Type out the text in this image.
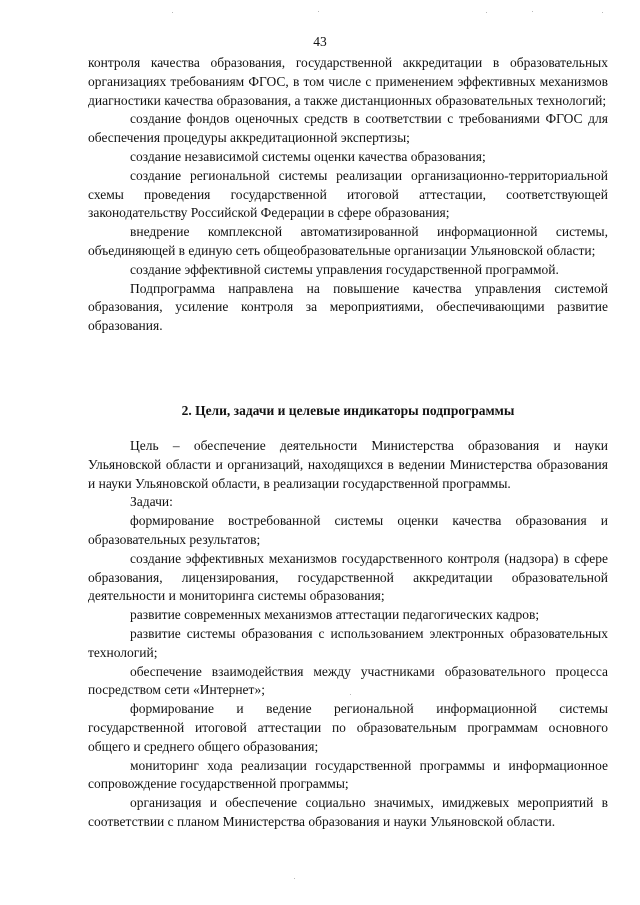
43

контроля качества образования, государственной аккредитации в образовательных организациях требованиям ФГОС, в том числе с применением эффективных механизмов диагностики качества образования, а также дистанционных образовательных технологий;

создание фондов оценочных средств в соответствии с требованиями ФГОС для обеспечения процедуры аккредитационной экспертизы;

создание независимой системы оценки качества образования;

создание региональной системы реализации организационно-территориальной схемы проведения государственной итоговой аттестации, соответствующей законодательству Российской Федерации в сфере образования;

внедрение комплексной автоматизированной информационной системы, объединяющей в единую сеть общеобразовательные организации Ульяновской области;

создание эффективной системы управления государственной программой.

Подпрограмма направлена на повышение качества управления системой образования, усиление контроля за мероприятиями, обеспечивающими развитие образования.

2. Цели, задачи и целевые индикаторы подпрограммы

Цель – обеспечение деятельности Министерства образования и науки Ульяновской области и организаций, находящихся в ведении Министерства образования и науки Ульяновской области, в реализации государственной программы.

Задачи:

формирование востребованной системы оценки качества образования и образовательных результатов;

создание эффективных механизмов государственного контроля (надзора) в сфере образования, лицензирования, государственной аккредитации образовательной деятельности и мониторинга системы образования;

развитие современных механизмов аттестации педагогических кадров;

развитие системы образования с использованием электронных образовательных технологий;

обеспечение взаимодействия между участниками образовательного процесса посредством сети «Интернет»;

формирование и ведение региональной информационной системы государственной итоговой аттестации по образовательным программам основного общего и среднего общего образования;

мониторинг хода реализации государственной программы и информационное сопровождение государственной программы;

организация и обеспечение социально значимых, имиджевых мероприятий в соответствии с планом Министерства образования и науки Ульяновской области.
